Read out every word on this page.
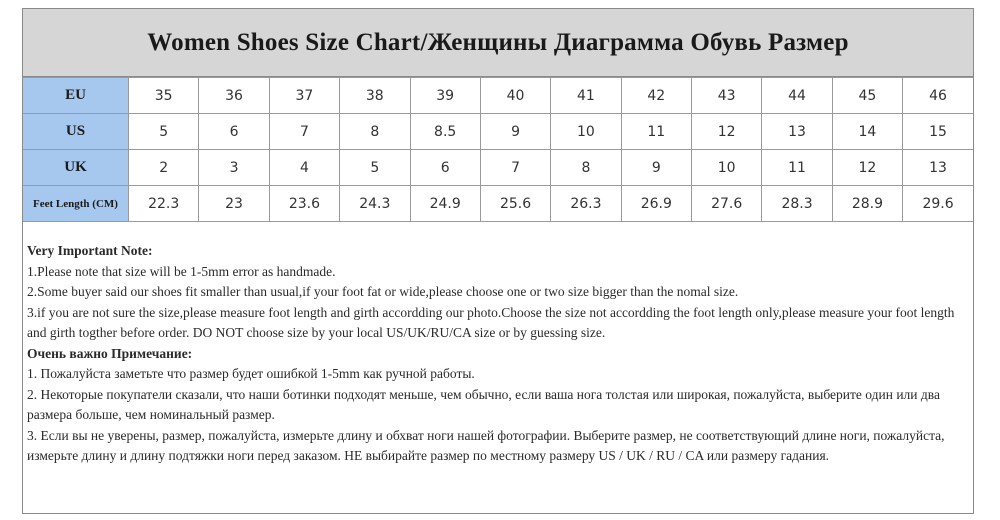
Women Shoes Size Chart/Женщины Диаграмма Обувь Размер
EU	35	36	37	38	39	40	41	42	43	44	45	46
US	5	6	7	8	8.5	9	10	11	12	13	14	15
UK	2	3	4	5	6	7	8	9	10	11	12	13
Feet Length (CM)	22.3	23	23.6	24.3	24.9	25.6	26.3	26.9	27.6	28.3	28.9	29.6

Very Important Note:

1.Please note that size will be 1-5mm error as handmade.

2.Some buyer said our shoes fit smaller than usual,if your foot fat or wide,please choose one or two size bigger than the nomal size.

3.if you are not sure the size,please measure foot length and girth accordding our photo.Choose the size not accordding the foot length only,please measure your foot length and girth togther before order. DO NOT choose size by your local US/UK/RU/CA size or by guessing size.

Очень важно Примечание:

1. Пожалуйста заметьте что размер будет ошибкой 1-5mm как ручной работы.

2. Некоторые покупатели сказали, что наши ботинки подходят меньше, чем обычно, если ваша нога толстая или широкая, пожалуйста, выберите один или два размера больше, чем номинальный размер.

3. Если вы не уверены, размер, пожалуйста, измерьте длину и обхват ноги нашей фотографии. Выберите размер, не соответствующий длине ноги, пожалуйста, измерьте длину и длину подтяжки ноги перед заказом. НЕ выбирайте размер по местному размеру US / UK / RU / CA или размеру гадания.
